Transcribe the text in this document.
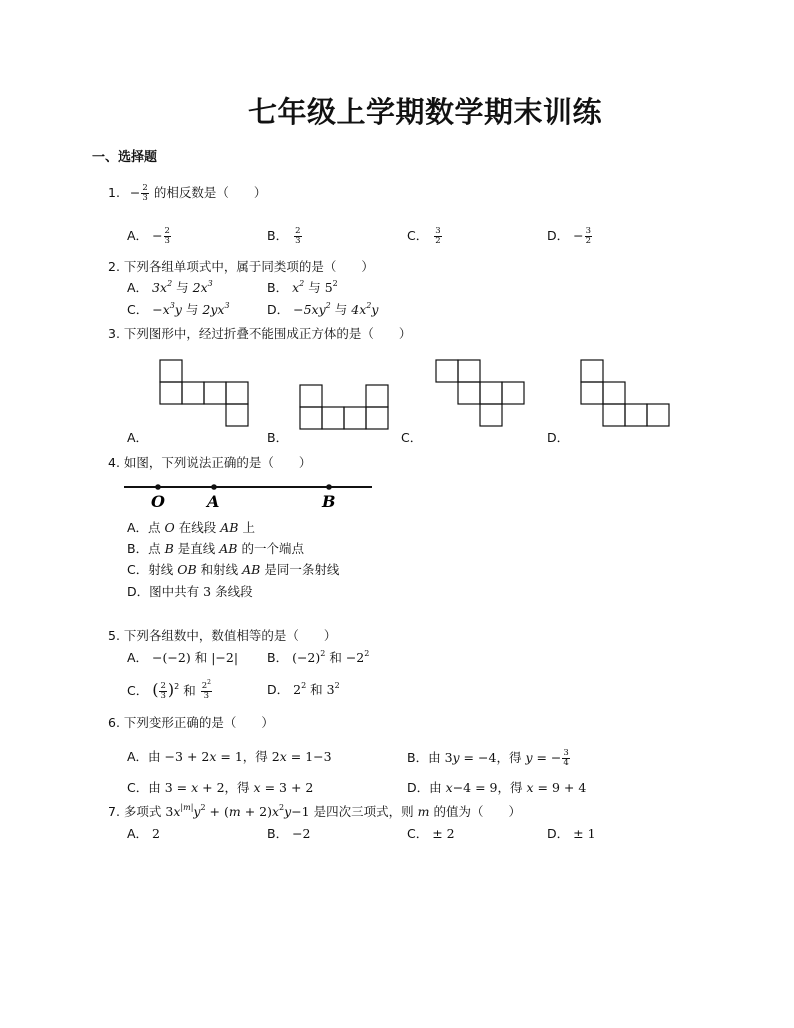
七年级上学期数学期末训练
一、选择题
1. − $\frac{2}{3}$ 的相反数是（　　）
A． − $\frac{2}{3}$	B． $\frac{2}{3}$	C． $\frac{3}{2}$	D． − $\frac{3}{2}$
2. 下列各组单项式中，属于同类项的是（　　）
A． $3x^2$ 与 $2x^3$	B． $x^2$ 与 $5^2$
C． $-x^3y$ 与 $2yx^3$	D． $-5xy^2$ 与 $4x^2y$
3. 下列图形中，经过折叠不能围成正方体的是（　　）
A．	B．	C．	D．
4. 如图，下列说法正确的是（　　）
O	A	B
A．点 O 在线段 AB 上
B．点 B 是直线 AB 的一个端点
C．射线 OB 和射线 AB 是同一条射线
D．图中共有 3 条线段
5. 下列各组数中，数值相等的是（　　）
A． −(−2) 和 |−2| B． $(-2)^2$ 和 $-2^2$
C． ( $\frac{2}{3} )^2$ 和 $\frac{2^2}{3}$	D． $2^2$ 和 $3^2$
6. 下列变形正确的是（　　）
A．由 −3 + 2x = 1，得 2x = 1−3	B．由 3y = −4，得 y = − $\frac{3}{4}$
C．由 3 = x + 2，得 x = 3 + 2	D．由 x−4 = 9，得 x = 9 + 4
7. 多项式 $3x^{|m|}y^2 + (m + 2)x^2y-1$ 是四次三项式，则 m 的值为（　　）
A． 2	B． −2	C． ± 2	D． ± 1
